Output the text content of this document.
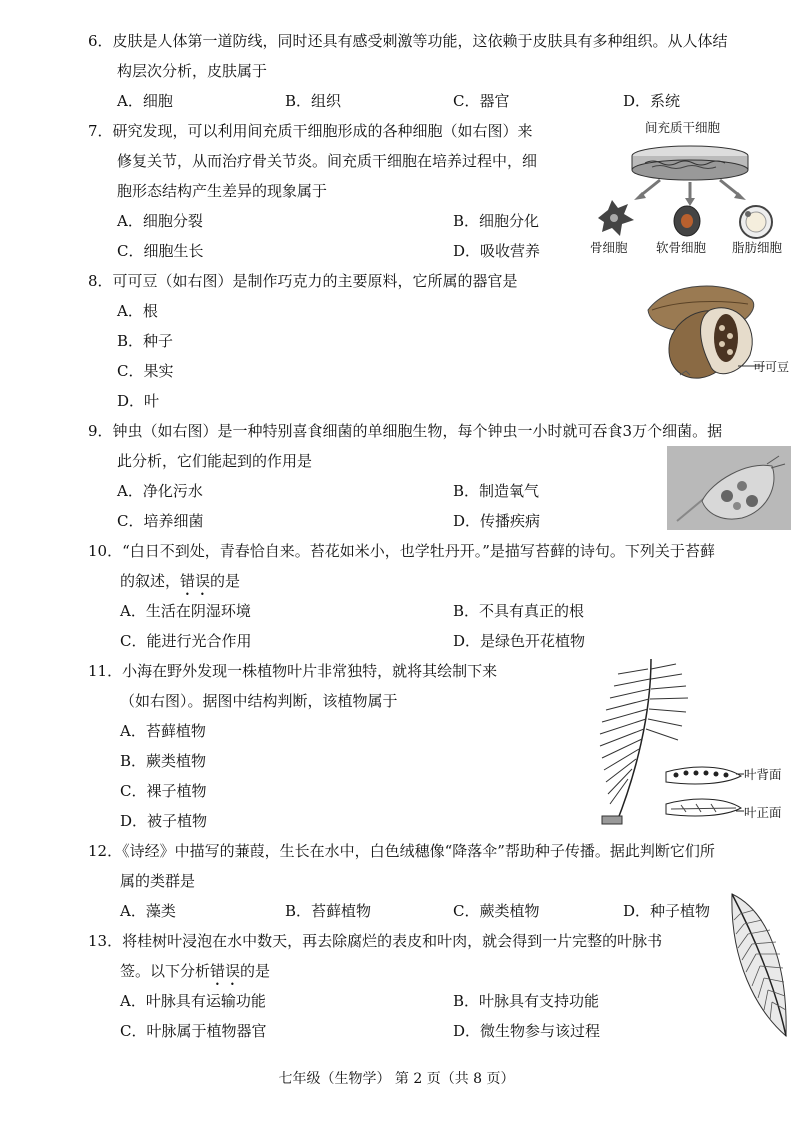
6．皮肤是人体第一道防线，同时还具有感受刺激等功能，这依赖于皮肤具有多种组织。从人体结
构层次分析，皮肤属于
A．细胞	B．组织	C．器官	D．系统
7．研究发现，可以利用间充质干细胞形成的各种细胞（如右图）来
修复关节，从而治疗骨关节炎。间充质干细胞在培养过程中，细
胞形态结构产生差异的现象属于
A．细胞分裂	B．细胞分化
C．细胞生长	D．吸收营养
间充质干细胞
骨细胞 软骨细胞 脂肪细胞
8．可可豆（如右图）是制作巧克力的主要原料，它所属的器官是
A．根
B．种子
C．果实
D．叶
可可豆
9．钟虫（如右图）是一种特别喜食细菌的单细胞生物，每个钟虫一小时就可吞食3万个细菌。据
此分析，它们能起到的作用是
A．净化污水	B．制造氧气
C．培养细菌	D．传播疾病
10．“白日不到处，青春恰自来。苔花如米小，也学牡丹开。”是描写苔藓的诗句。下列关于苔藓
的叙述，错误的是
A．生活在阴湿环境	B．不具有真正的根
C．能进行光合作用	D．是绿色开花植物
11．小海在野外发现一株植物叶片非常独特，就将其绘制下来
（如右图）。据图中结构判断，该植物属于
A．苔藓植物
B．蕨类植物
C．裸子植物
D．被子植物
叶背面
叶正面
12．《诗经》中描写的蒹葭，生长在水中，白色绒穗像“降落伞”帮助种子传播。据此判断它们所
属的类群是
A．藻类	B．苔藓植物	C．蕨类植物	D．种子植物
13．将桂树叶浸泡在水中数天，再去除腐烂的表皮和叶肉，就会得到一片完整的叶脉书
签。以下分析错误的是
A．叶脉具有运输功能	B．叶脉具有支持功能
C．叶脉属于植物器官	D．微生物参与该过程
七年级（生物学） 第 2 页（共 8 页）
